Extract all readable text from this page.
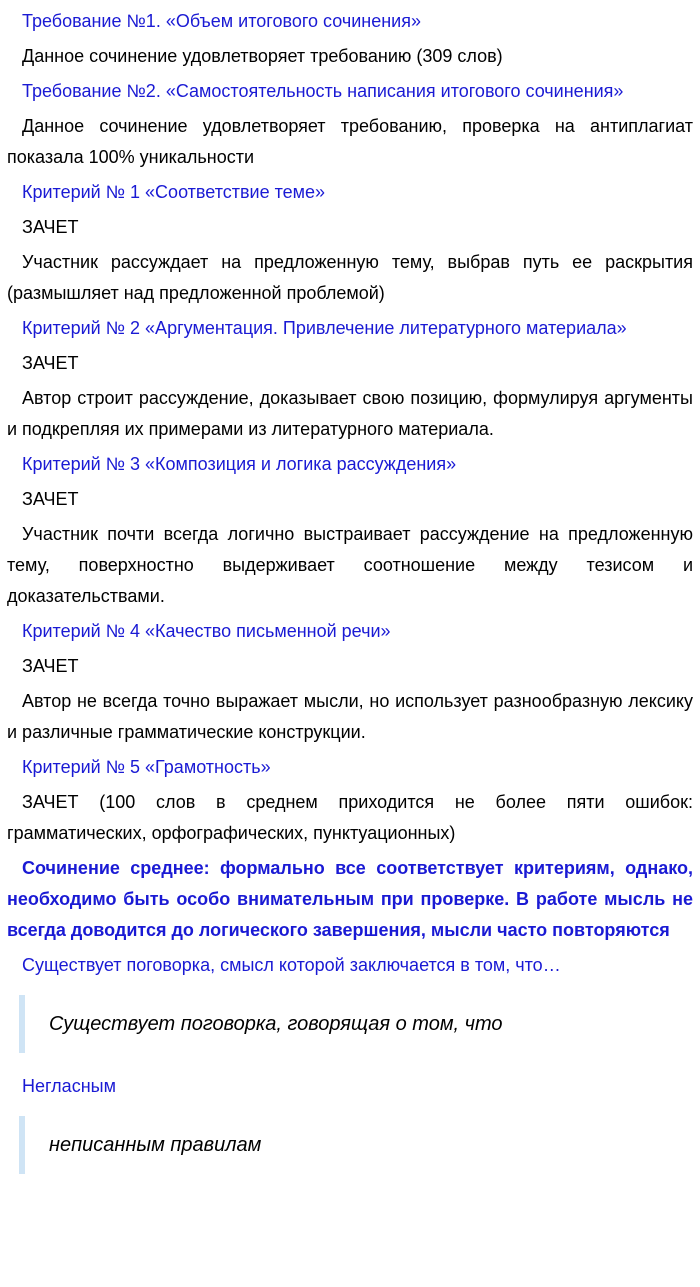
Требование №1. «Объем итогового сочинения»

Данное сочинение удовлетворяет требованию (309 слов)

Требование №2. «Самостоятельность написания итогового сочинения»

Данное сочинение удовлетворяет требованию, проверка на антиплагиат показала 100% уникальности

Критерий № 1 «Соответствие теме»

ЗАЧЕТ

Участник рассуждает на предложенную тему, выбрав путь ее раскрытия (размышляет над предложенной проблемой)

Критерий № 2 «Аргументация. Привлечение литературного материала»

ЗАЧЕТ

Автор строит рассуждение, доказывает свою позицию, формулируя аргументы и подкрепляя их примерами из литературного материала.

Критерий № 3 «Композиция и логика рассуждения»

ЗАЧЕТ

Участник почти всегда логично выстраивает рассуждение на предложенную тему, поверхностно выдерживает соотношение между тезисом и доказательствами.

Критерий № 4 «Качество письменной речи»

ЗАЧЕТ

Автор не всегда точно выражает мысли, но использует разнообразную лексику и различные грамматические конструкции.

Критерий № 5 «Грамотность»

ЗАЧЕТ (100 слов в среднем приходится не более пяти ошибок: грамматических, орфографических, пунктуационных)

Сочинение среднее: формально все соответствует критериям, однако, необходимо быть особо внимательным при проверке. В работе мысль не всегда доводится до логического завершения, мысли часто повторяются

Существует поговорка, смысл которой заключается в том, что…

Существует поговорка, говорящая о том, что

Негласным

неписанным правилам
